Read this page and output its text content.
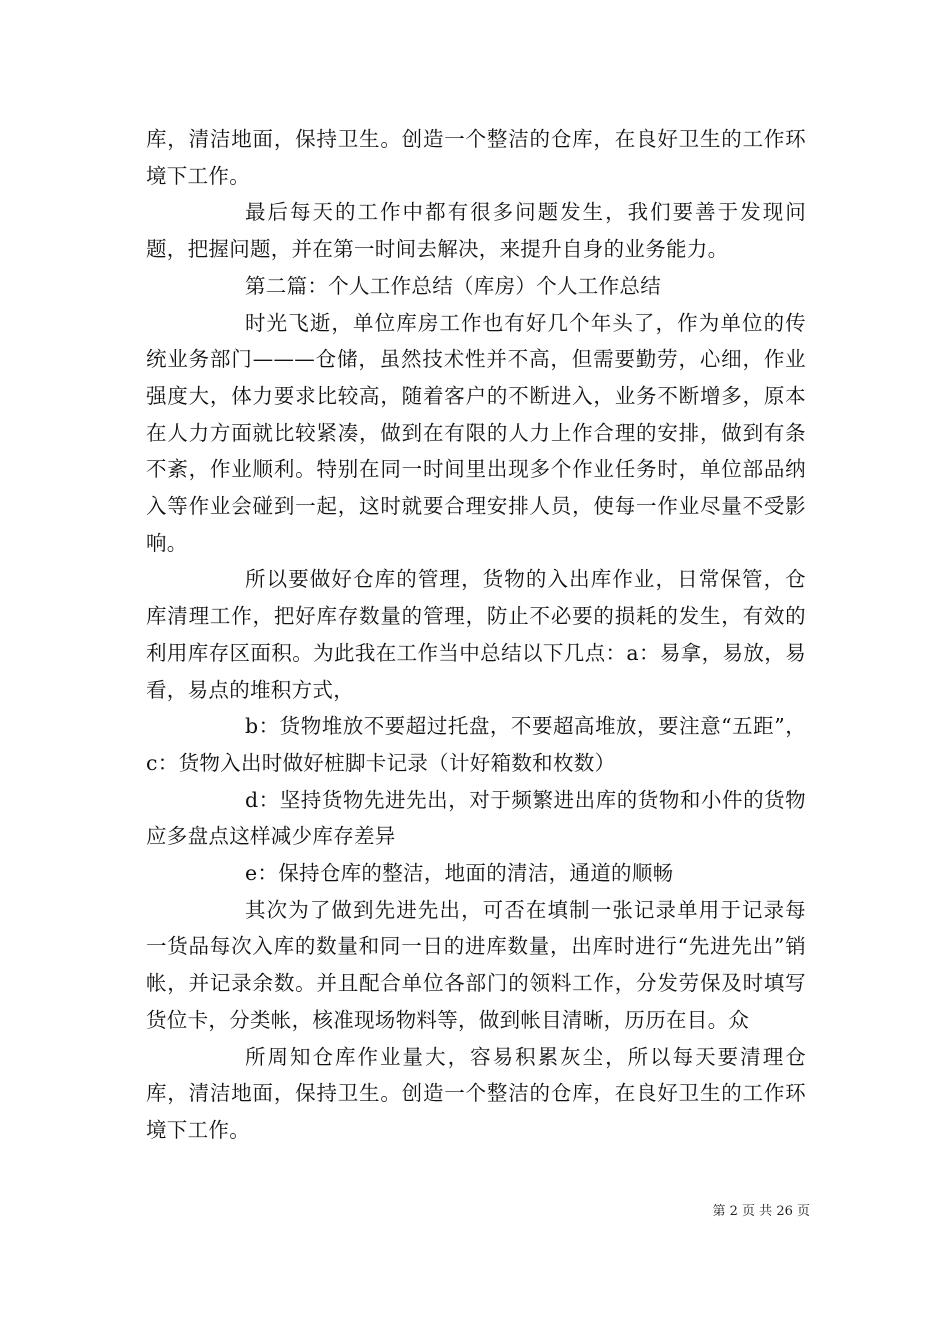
库，清洁地面，保持卫生。创造一个整洁的仓库，在良好卫生的工作环境下工作。

最后每天的工作中都有很多问题发生，我们要善于发现问题，把握问题，并在第一时间去解决，来提升自身的业务能力。

第二篇：个人工作总结（库房）个人工作总结

时光飞逝，单位库房工作也有好几个年头了，作为单位的传统业务部门———仓储，虽然技术性并不高，但需要勤劳，心细，作业强度大，体力要求比较高，随着客户的不断进入，业务不断增多，原本在人力方面就比较紧凑，做到在有限的人力上作合理的安排，做到有条不紊，作业顺利。特别在同一时间里出现多个作业任务时，单位部品纳入等作业会碰到一起，这时就要合理安排人员，使每一作业尽量不受影响。

所以要做好仓库的管理，货物的入出库作业，日常保管，仓库清理工作，把好库存数量的管理，防止不必要的损耗的发生，有效的利用库存区面积。为此我在工作当中总结以下几点：a：易拿，易放，易看，易点的堆积方式，

b：货物堆放不要超过托盘，不要超高堆放，要注意“五距”，c：货物入出时做好桩脚卡记录（计好箱数和枚数）

d：坚持货物先进先出，对于频繁进出库的货物和小件的货物应多盘点这样减少库存差异

e：保持仓库的整洁，地面的清洁，通道的顺畅

其次为了做到先进先出，可否在填制一张记录单用于记录每一货品每次入库的数量和同一日的进库数量，出库时进行“先进先出”销帐，并记录余数。并且配合单位各部门的领料工作，分发劳保及时填写货位卡，分类帐，核准现场物料等，做到帐目清晰，历历在目。众

所周知仓库作业量大，容易积累灰尘，所以每天要清理仓库，清洁地面，保持卫生。创造一个整洁的仓库，在良好卫生的工作环境下工作。

第 2 页 共 26 页
